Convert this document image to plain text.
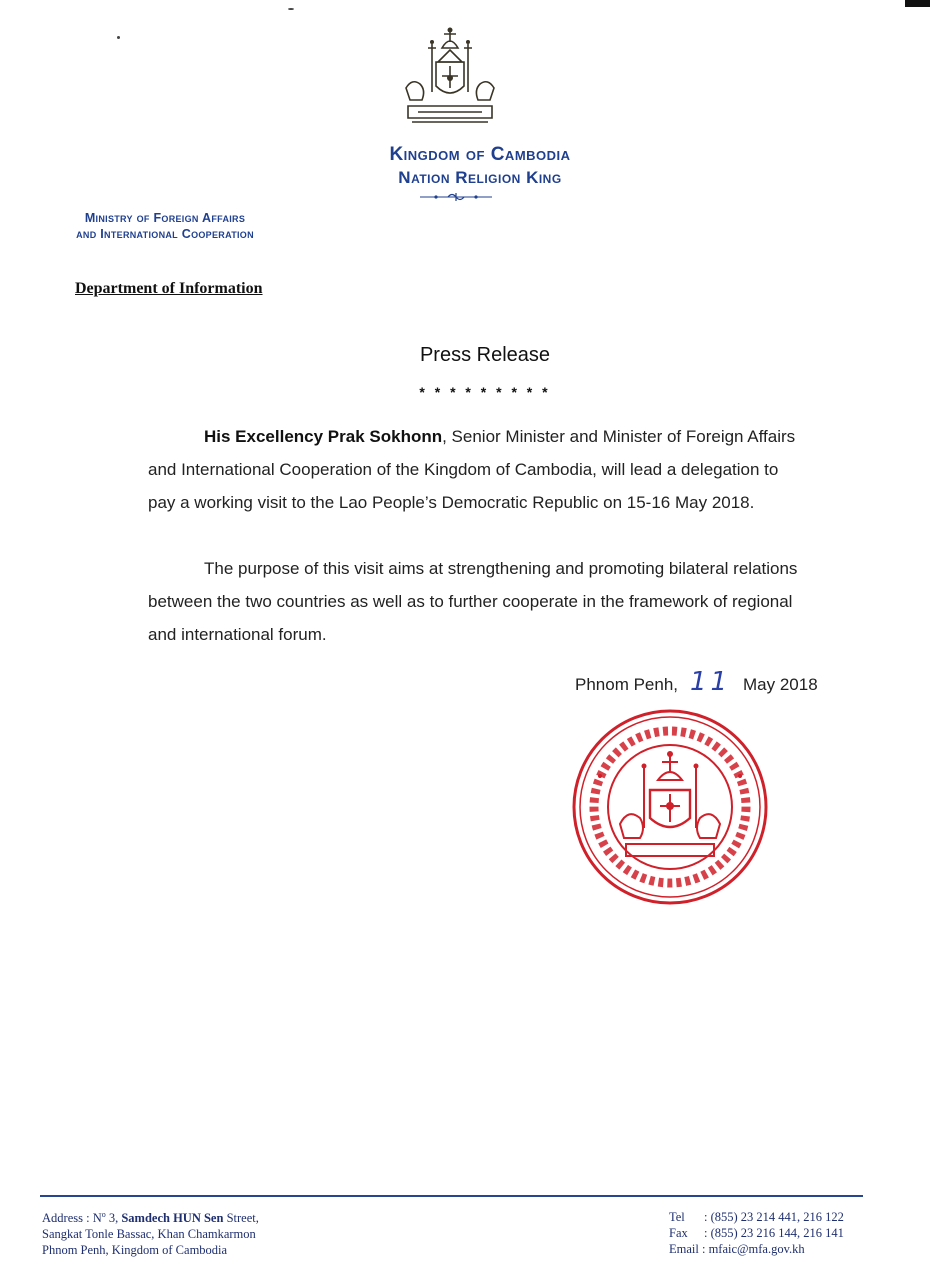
Kingdom of Cambodia
Nation Religion King
Ministry of Foreign Affairs
and International Cooperation
Department of Information
Press Release
* * * * * * * * *
His Excellency Prak Sokhonn, Senior Minister and Minister of Foreign Affairs
and International Cooperation of the Kingdom of Cambodia, will lead a delegation to
pay a working visit to the Lao People’s Democratic Republic on 15-16 May 2018.
The purpose of this visit aims at strengthening and promoting bilateral relations
between the two countries as well as to further cooperate in the framework of regional
and international forum.
Phnom Penh, 11 May 2018
Address : $N^o$ 3, Samdech HUN Sen Street,
Sangkat Tonle Bassac, Khan Chamkarmon
Phnom Penh, Kingdom of Cambodia
Tel : (855) 23 214 441, 216 122
Fax : (855) 23 216 144, 216 141
Email : mfaic@mfa.gov.kh
